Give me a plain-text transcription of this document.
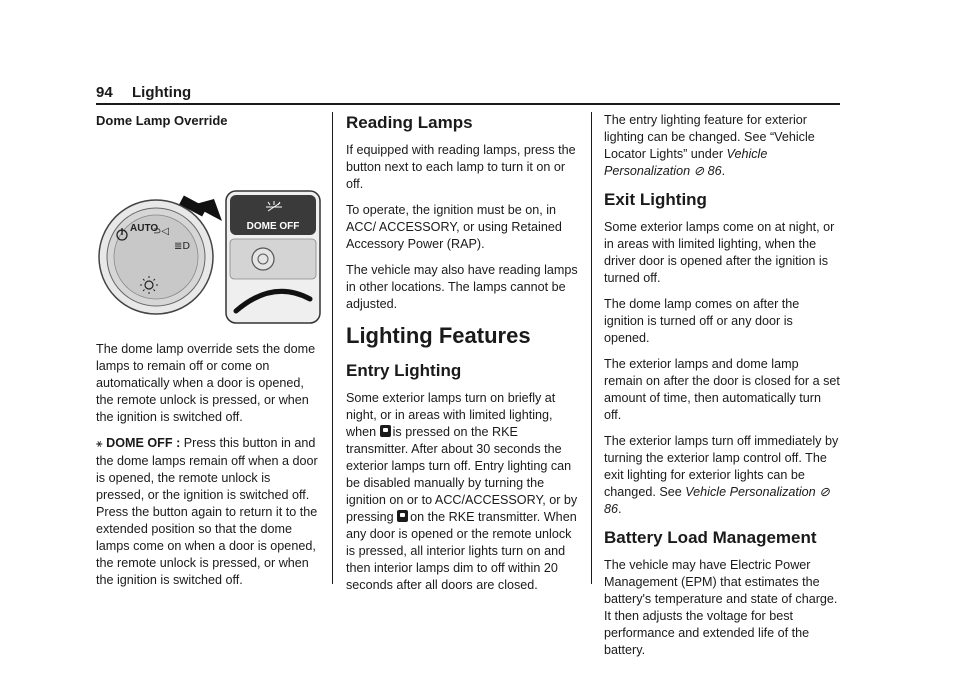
94 Lighting
Dome Lamp Override
AUTO
⊃◁
≣D
DOME OFF

The dome lamp override sets the dome lamps to remain off or come on automatically when a door is opened, the remote unlock is pressed, or when the ignition is switched off.

⚹ DOME OFF : Press this button in and the dome lamps remain off when a door is opened, the remote unlock is pressed, or the ignition is switched off. Press the button again to return it to the extended position so that the dome lamps come on when a door is opened, the remote unlock is pressed, or when the ignition is switched off.

Reading Lamps

If equipped with reading lamps, press the button next to each lamp to turn it on or off.

To operate, the ignition must be on, in ACC/ ACCESSORY, or using Retained Accessory Power (RAP).

The vehicle may also have reading lamps in other locations. The lamps cannot be adjusted.

Lighting Features
Entry Lighting

Some exterior lamps turn on briefly at night, or in areas with limited lighting, when is pressed on the RKE transmitter. After about 30 seconds the exterior lamps turn off. Entry lighting can be disabled manually by turning the ignition on or to ACC/ACCESSORY, or by pressing on the RKE transmitter. When any door is opened or the remote unlock is pressed, all interior lights turn on and then interior lamps dim to off within 20 seconds after all doors are closed.

The entry lighting feature for exterior lighting can be changed. See “Vehicle Locator Lights” under Vehicle Personalization ⊘ 86.

Exit Lighting

Some exterior lamps come on at night, or in areas with limited lighting, when the driver door is opened after the ignition is turned off.

The dome lamp comes on after the ignition is turned off or any door is opened.

The exterior lamps and dome lamp remain on after the door is closed for a set amount of time, then automatically turn off.

The exterior lamps turn off immediately by turning the exterior lamp control off. The exit lighting for exterior lights can be changed. See Vehicle Personalization ⊘ 86.

Battery Load Management

The vehicle may have Electric Power Management (EPM) that estimates the battery's temperature and state of charge. It then adjusts the voltage for best performance and extended life of the battery.
